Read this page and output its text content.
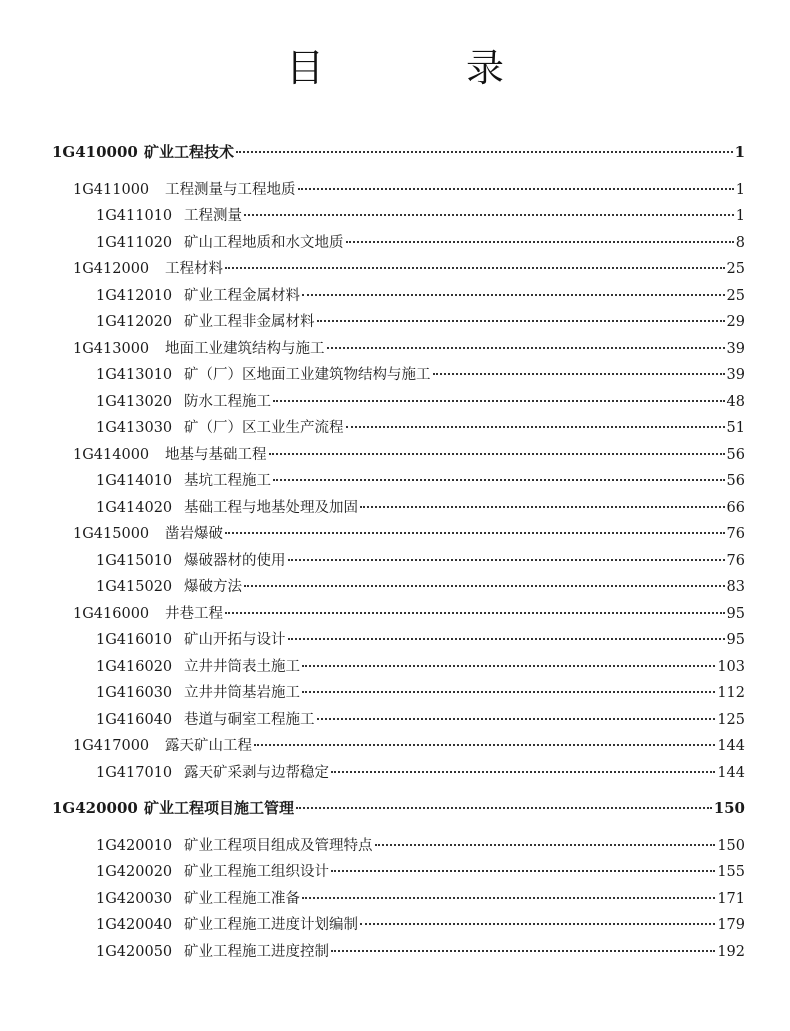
目　录
1G410000 矿业工程技术	1
1G411000	工程测量与工程地质	1
1G411010 工程测量	1
1G411020 矿山工程地质和水文地质	8
1G412000	工程材料	25
1G412010 矿业工程金属材料	25
1G412020 矿业工程非金属材料	29
1G413000	地面工业建筑结构与施工	39
1G413010 矿（厂）区地面工业建筑物结构与施工	39
1G413020 防水工程施工	48
1G413030 矿（厂）区工业生产流程	51
1G414000	地基与基础工程	56
1G414010 基坑工程施工	56
1G414020 基础工程与地基处理及加固	66
1G415000	凿岩爆破	76
1G415010 爆破器材的使用	76
1G415020 爆破方法	83
1G416000	井巷工程	95
1G416010 矿山开拓与设计	95
1G416020 立井井筒表土施工	103
1G416030 立井井筒基岩施工	112
1G416040 巷道与硐室工程施工	125
1G417000	露天矿山工程	144
1G417010 露天矿采剥与边帮稳定	144
1G420000 矿业工程项目施工管理	150
1G420010 矿业工程项目组成及管理特点	150
1G420020 矿业工程施工组织设计	155
1G420030 矿业工程施工准备	171
1G420040 矿业工程施工进度计划编制	179
1G420050 矿业工程施工进度控制	192
